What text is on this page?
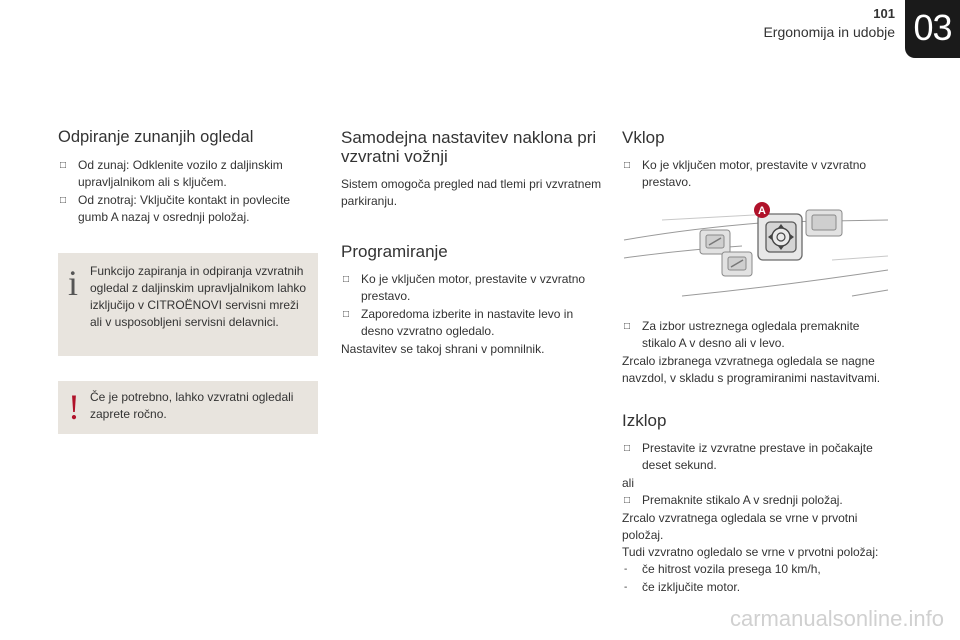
101
Ergonomija in udobje 03
Odpiranje zunanjih ogledal
□ Od zunaj: Odklenite vozilo z daljinskim upravljalnikom ali s ključem.
□ Od znotraj: Vključite kontakt in povlecite gumb A nazaj v osrednji položaj.
i Funkcijo zapiranja in odpiranja vzvratnih ogledal z daljinskim upravljalnikom lahko izključijo v CITROËNOVI servisni mreži ali v usposobljeni servisni delavnici.
! Če je potrebno, lahko vzvratni ogledali zaprete ročno.
Samodejna nastavitev naklona pri vzvratni vožnji

Sistem omogoča pregled nad tlemi pri vzvratnem parkiranju.

Programiranje
□ Ko je vključen motor, prestavite v vzvratno prestavo.
□ Zaporedoma izberite in nastavite levo in desno vzvratno ogledalo.

Nastavitev se takoj shrani v pomnilnik.

Vklop
□ Ko je vključen motor, prestavite v vzvratno prestavo.
A
□ Za izbor ustreznega ogledala premaknite stikalo A v desno ali v levo.

Zrcalo izbranega vzvratnega ogledala se nagne navzdol, v skladu s programiranimi nastavitvami.

Izklop
□ Prestavite iz vzvratne prestave in počakajte deset sekund.

ali

□ Premaknite stikalo A v srednji položaj.

Zrcalo vzvratnega ogledala se vrne v prvotni položaj.

Tudi vzvratno ogledalo se vrne v prvotni položaj:

- če hitrost vozila presega 10 km/h,
- če izključite motor.
carmanualsonline.info
